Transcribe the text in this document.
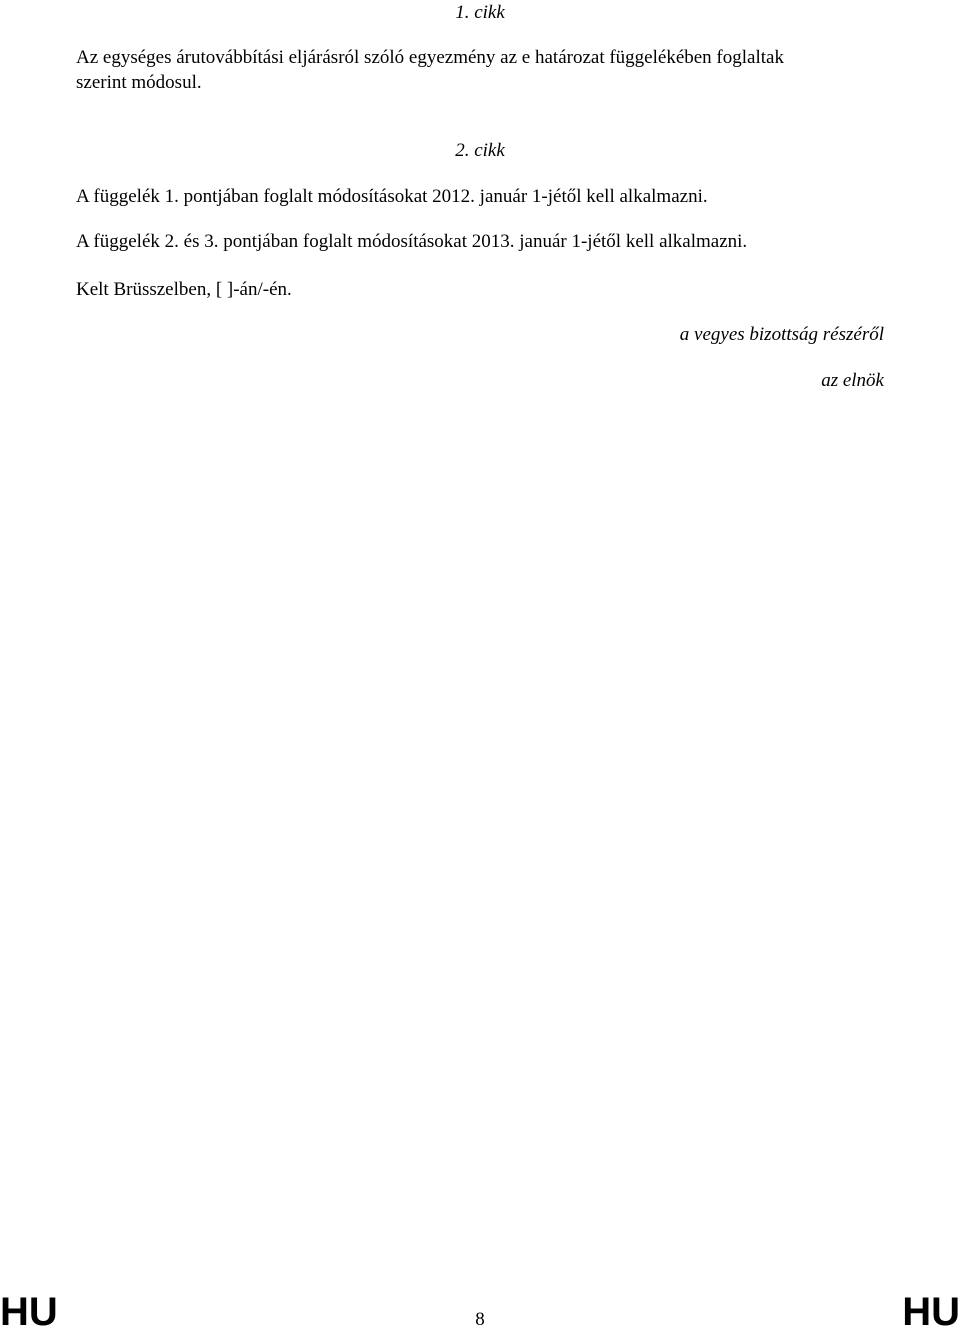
1. cikk
Az egységes árutovábbítási eljárásról szóló egyezmény az e határozat függelékében foglaltak
szerint módosul.
2. cikk
A függelék 1. pontjában foglalt módosításokat 2012. január 1-jétől kell alkalmazni.
A függelék 2. és 3. pontjában foglalt módosításokat 2013. január 1-jétől kell alkalmazni.
Kelt Brüsszelben, [ ]-án/-én.
a vegyes bizottság részéről
az elnök
HU	8	HU
